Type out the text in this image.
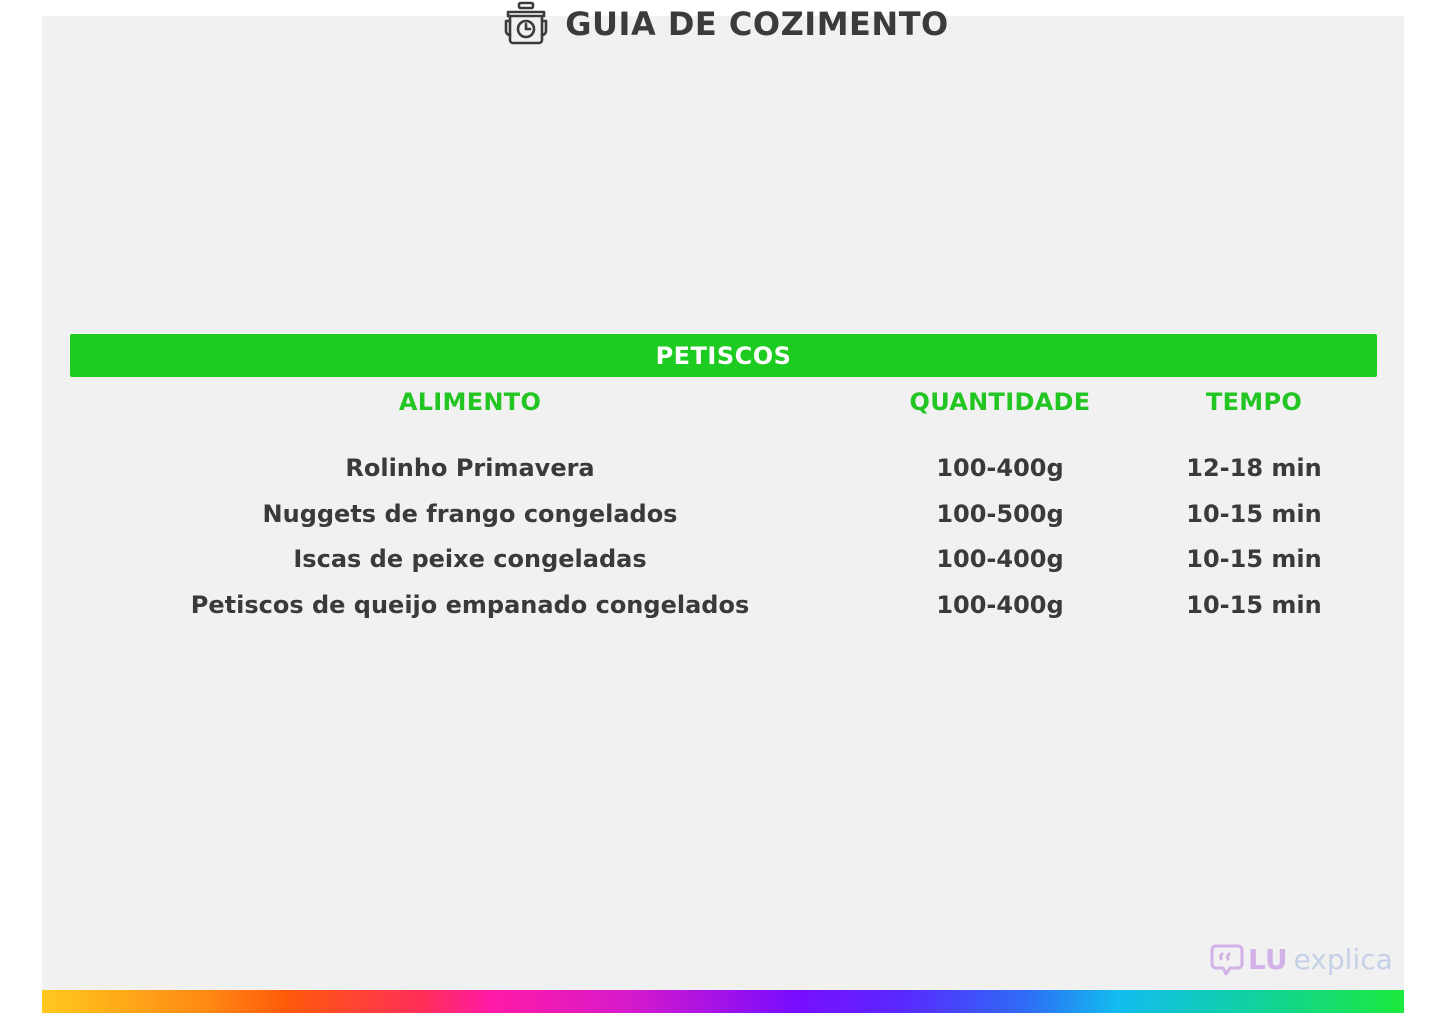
GUIA DE COZIMENTO
PETISCOS
ALIMENTO	QUANTIDADE	TEMPO
Rolinho Primavera	100-400g	12-18 min
Nuggets de frango congelados	100-500g	10-15 min
Iscas de peixe congeladas	100-400g	10-15 min
Petiscos de queijo empanado congelados	100-400g	10-15 min
LU explica
